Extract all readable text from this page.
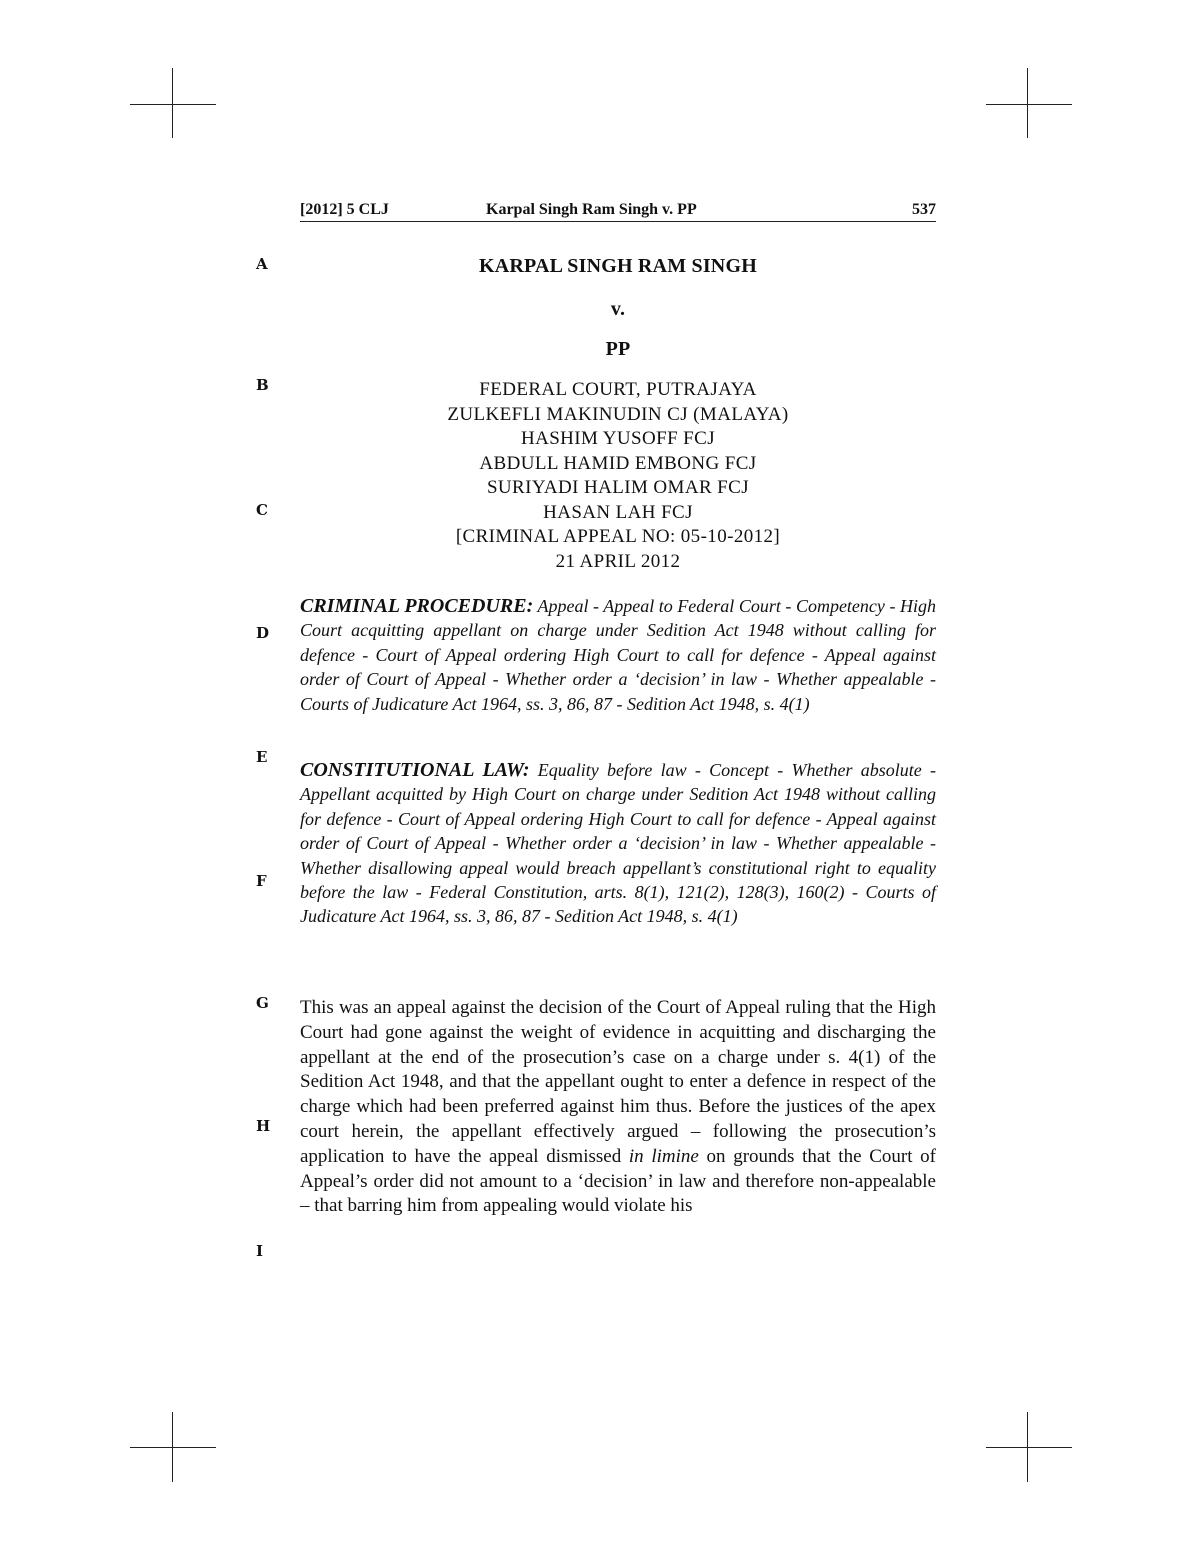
[2012] 5 CLJ	Karpal Singh Ram Singh v. PP	537
A
B
C
D
E
F
G
H
I
KARPAL SINGH RAM SINGH
v.
PP
FEDERAL COURT, PUTRAJAYA
ZULKEFLI MAKINUDIN CJ (MALAYA)
HASHIM YUSOFF FCJ
ABDULL HAMID EMBONG FCJ
SURIYADI HALIM OMAR FCJ
HASAN LAH FCJ
[CRIMINAL APPEAL NO: 05-10-2012]
21 APRIL 2012
CRIMINAL PROCEDURE: Appeal - Appeal to Federal Court - Competency - High Court acquitting appellant on charge under Sedition Act 1948 without calling for defence - Court of Appeal ordering High Court to call for defence - Appeal against order of Court of Appeal - Whether order a ‘decision’ in law - Whether appealable - Courts of Judicature Act 1964, ss. 3, 86, 87 - Sedition Act 1948, s. 4(1)
CONSTITUTIONAL LAW: Equality before law - Concept - Whether absolute - Appellant acquitted by High Court on charge under Sedition Act 1948 without calling for defence - Court of Appeal ordering High Court to call for defence - Appeal against order of Court of Appeal - Whether order a ‘decision’ in law - Whether appealable - Whether disallowing appeal would breach appellant’s constitutional right to equality before the law - Federal Constitution, arts. 8(1), 121(2), 128(3), 160(2) - Courts of Judicature Act 1964, ss. 3, 86, 87 - Sedition Act 1948, s. 4(1)
This was an appeal against the decision of the Court of Appeal ruling that the High Court had gone against the weight of evidence in acquitting and discharging the appellant at the end of the prosecution’s case on a charge under s. 4(1) of the Sedition Act 1948, and that the appellant ought to enter a defence in respect of the charge which had been preferred against him thus. Before the justices of the apex court herein, the appellant effectively argued – following the prosecution’s application to have the appeal dismissed in limine on grounds that the Court of Appeal’s order did not amount to a ‘decision’ in law and therefore non-appealable – that barring him from appealing would violate his
